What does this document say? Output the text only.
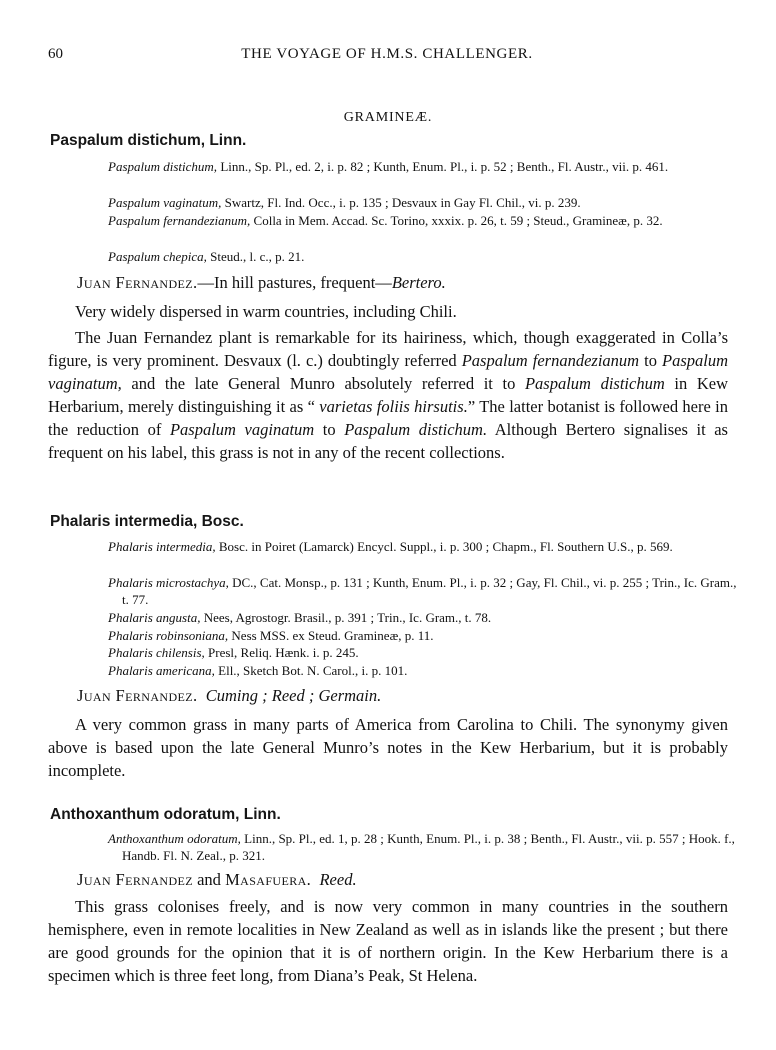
60	THE VOYAGE OF H.M.S. CHALLENGER.
GRAMINEÆ.
Paspalum distichum, Linn.
Paspalum distichum, Linn., Sp. Pl., ed. 2, i. p. 82 ; Kunth, Enum. Pl., i. p. 52 ; Benth., Fl. Austr., vii. p. 461.
Paspalum vaginatum, Swartz, Fl. Ind. Occ., i. p. 135 ; Desvaux in Gay Fl. Chil., vi. p. 239.
Paspalum fernandezianum, Colla in Mem. Accad. Sc. Torino, xxxix. p. 26, t. 59 ; Steud., Gramineæ, p. 32.
Paspalum chepica, Steud., l. c., p. 21.
Juan Fernandez.—In hill pastures, frequent—Bertero.
Very widely dispersed in warm countries, including Chili.
The Juan Fernandez plant is remarkable for its hairiness, which, though exaggerated in Colla’s figure, is very prominent. Desvaux (l. c.) doubtingly referred Paspalum fernandezianum to Paspalum vaginatum, and the late General Munro absolutely referred it to Paspalum distichum in Kew Herbarium, merely distinguishing it as “ varietas foliis hirsutis.” The latter botanist is followed here in the reduction of Paspalum vaginatum to Paspalum distichum. Although Bertero signalises it as frequent on his label, this grass is not in any of the recent collections.
Phalaris intermedia, Bosc.
Phalaris intermedia, Bosc. in Poiret (Lamarck) Encycl. Suppl., i. p. 300 ; Chapm., Fl. Southern U.S., p. 569.
Phalaris microstachya, DC., Cat. Monsp., p. 131 ; Kunth, Enum. Pl., i. p. 32 ; Gay, Fl. Chil., vi. p. 255 ; Trin., Ic. Gram., t. 77.
Phalaris angusta, Nees, Agrostogr. Brasil., p. 391 ; Trin., Ic. Gram., t. 78.
Phalaris robinsoniana, Ness MSS. ex Steud. Gramineæ, p. 11.
Phalaris chilensis, Presl, Reliq. Hænk. i. p. 245.
Phalaris americana, Ell., Sketch Bot. N. Carol., i. p. 101.
Juan Fernandez. Cuming ; Reed ; Germain.
A very common grass in many parts of America from Carolina to Chili. The synonymy given above is based upon the late General Munro’s notes in the Kew Herbarium, but it is probably incomplete.
Anthoxanthum odoratum, Linn.
Anthoxanthum odoratum, Linn., Sp. Pl., ed. 1, p. 28 ; Kunth, Enum. Pl., i. p. 38 ; Benth., Fl. Austr., vii. p. 557 ; Hook. f., Handb. Fl. N. Zeal., p. 321.
Juan Fernandez and Masafuera. Reed.
This grass colonises freely, and is now very common in many countries in the southern hemisphere, even in remote localities in New Zealand as well as in islands like the present ; but there are good grounds for the opinion that it is of northern origin. In the Kew Herbarium there is a specimen which is three feet long, from Diana’s Peak, St Helena.
